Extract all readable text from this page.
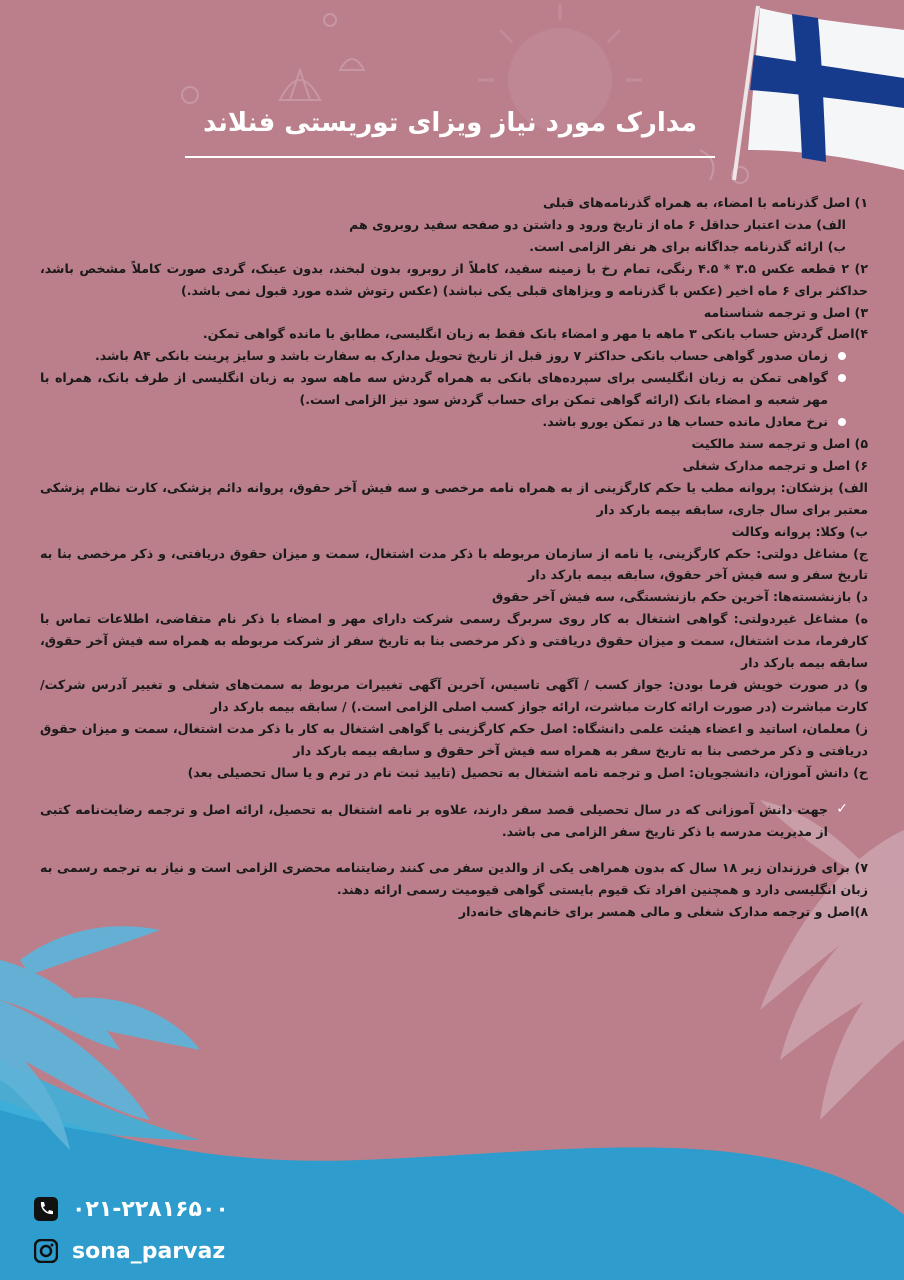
مدارک مورد نیاز ویزای توریستی فنلاند

۱) اصل گذرنامه با امضاء، به همراه گذرنامه‌های قبلی

الف) مدت اعتبار حداقل ۶ ماه از تاریخ ورود و داشتن دو صفحه سفید روبروی هم

ب) ارائه گذرنامه جداگانه برای هر نفر الزامی است.

۲) ۲ قطعه عکس ۳.۵ * ۴.۵ رنگی، تمام رخ با زمینه سفید، کاملاً از روبرو، بدون لبخند، بدون عینک، گردی صورت کاملاً مشخص باشد، حداکثر برای ۶ ماه اخیر (عکس با گذرنامه و ویزاهای قبلی یکی نباشد) (عکس رتوش شده مورد قبول نمی باشد.)

۳) اصل و ترجمه شناسنامه

۴)اصل گردش حساب بانکی ۳ ماهه با مهر و امضاء بانک فقط به زبان انگلیسی، مطابق با مانده گواهی تمکن.

زمان صدور گواهی حساب بانکی حداکثر ۷ روز قبل از تاریخ تحویل مدارک به سفارت باشد و سایز پرینت بانکی A۴ باشد.

گواهی تمکن به زبان انگلیسی برای سپرده‌های بانکی به همراه گردش سه ماهه سود به زبان انگلیسی از طرف بانک، همراه با مهر شعبه و امضاء بانک (ارائه گواهی تمکن برای حساب گردش سود نیز الزامی است.)

نرخ معادل مانده حساب ها در تمکن یورو باشد.

۵) اصل و ترجمه سند مالکیت

۶) اصل و ترجمه مدارک شغلی

الف) پزشکان: پروانه مطب یا حکم کارگزینی از به همراه نامه مرخصی و سه فیش آخر حقوق، پروانه دائم پزشکی، کارت نظام پزشکی معتبر برای سال جاری، سابقه بیمه بارکد دار

ب) وکلا: پروانه وکالت

ج) مشاغل دولتی: حکم کارگزینی، یا نامه از سازمان مربوطه با ذکر مدت اشتغال، سمت و میزان حقوق دریافتی، و ذکر مرخصی بنا به تاریخ سفر و سه فیش آخر حقوق، سابقه بیمه بارکد دار

د) بازنشسته‌ها: آخرین حکم بازنشستگی، سه فیش آخر حقوق

ه) مشاغل غیردولتی: گواهی اشتغال به کار روی سربرگ رسمی شرکت دارای مهر و امضاء با ذکر نام متقاضی، اطلاعات تماس با کارفرما، مدت اشتغال، سمت و میزان حقوق دریافتی و ذکر مرخصی بنا به تاریخ سفر از شرکت مربوطه به همراه سه فیش آخر حقوق، سابقه بیمه بارکد دار

و) در صورت خویش فرما بودن: جواز کسب / آگهی تاسیس، آخرین آگهی تغییرات مربوط به سمت‌های شغلی و تغییر آدرس شرکت/ کارت مباشرت (در صورت ارائه کارت مباشرت، ارائه جواز کسب اصلی الزامی است.) / سابقه بیمه بارکد دار

ز) معلمان، اساتید و اعضاء هیئت علمی دانشگاه: اصل حکم کارگزینی یا گواهی اشتغال به کار با ذکر مدت اشتغال، سمت و میزان حقوق دریافتی و ذکر مرخصی بنا به تاریخ سفر به همراه سه فیش آخر حقوق و سابقه بیمه بارکد دار

ح) دانش آموزان، دانشجویان: اصل و ترجمه نامه اشتغال به تحصیل (تایید ثبت نام در ترم و یا سال تحصیلی بعد)

✓ جهت دانش آموزانی که در سال تحصیلی قصد سفر دارند، علاوه بر نامه اشتغال به تحصیل، ارائه اصل و ترجمه رضایت‌نامه کتبی از مدیریت مدرسه با ذکر تاریخ سفر الزامی می باشد.

۷) برای فرزندان زیر ۱۸ سال که بدون همراهی یکی از والدین سفر می کنند رضایتنامه محضری الزامی است و نیاز به ترجمه رسمی به زبان انگلیسی دارد و همچنین افراد تک قیوم بایستی گواهی قیومیت رسمی ارائه دهند.

۸)اصل و ترجمه مدارک شغلی و مالی همسر برای خانم‌های خانه‌دار

۰۲۱-۲۲۸۱۶۵۰۰
sona_parvaz
